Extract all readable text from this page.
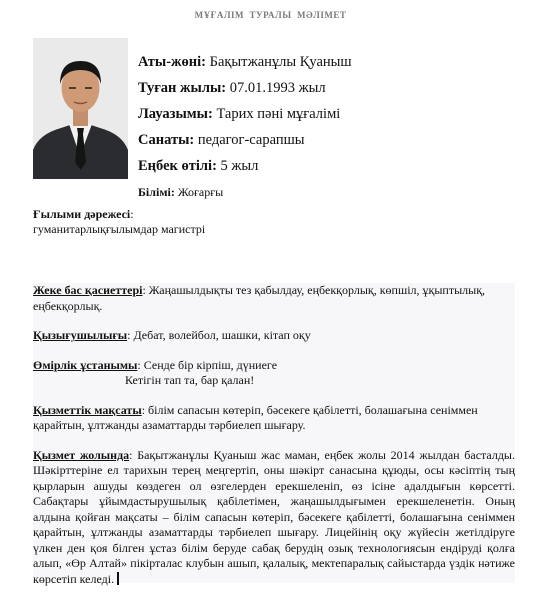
МҰҒАЛІМ  ТУРАЛЫ  МӘЛІМЕТ
Аты-жөні: Бақытжанұлы Қуаныш
Туған жылы: 07.01.1993 жыл
Лауазымы: Тарих пәні мұғалімі
Санаты: педагог-сарапшы
Еңбек өтілі: 5 жыл
Білімі: Жоғарғы
Ғылыми дәрежесі:
гуманитарлықғылымдар магистрі

Жеке бас қасиеттері: Жаңашылдықты тез қабылдау, еңбекқорлық, көпшіл, ұқыптылық, еңбекқорлық.

Қызығушылығы: Дебат, волейбол, шашки, кітап оқу

Өмірлік ұстанымы: Сенде бір кірпіш, дүниеге
Кетігін тап та, бар қалан!

Қызметтік мақсаты: білім сапасын көтеріп, бәсекеге қабілетті, болашағына сеніммен қарайтын, ұлтжанды азаматтарды тәрбиелеп шығару.

Қызмет жолында: Бақытжанұлы Қуаныш жас маман, еңбек жолы 2014 жылдан басталды. Шәкірттеріне ел тарихын терең меңгертіп, оны шәкірт санасына құюды, осы кәсіптің тың қырларын ашуды көздеген ол өзгелерден ерекшеленіп, өз ісіне адалдығын көрсетті. Сабақтары ұйымдастырушылық қабілетімен, жаңашылдығымен ерекшеленетін. Оның алдына қойған мақсаты – білім сапасын көтеріп, бәсекеге қабілетті, болашағына сеніммен қарайтын, ұлтжанды азаматтарды тәрбиелеп шығару. Лицейінің оқу жүйесін жетілдіруге үлкен ден қоя білген ұстаз білім беруде сабақ берудің озық технологиясын ендіруді қолға алып, «Өр Алтай» пікірталас клубын ашып, қалалық, мектепаралық сайыстарда үздік нәтиже көрсетіп келеді.
